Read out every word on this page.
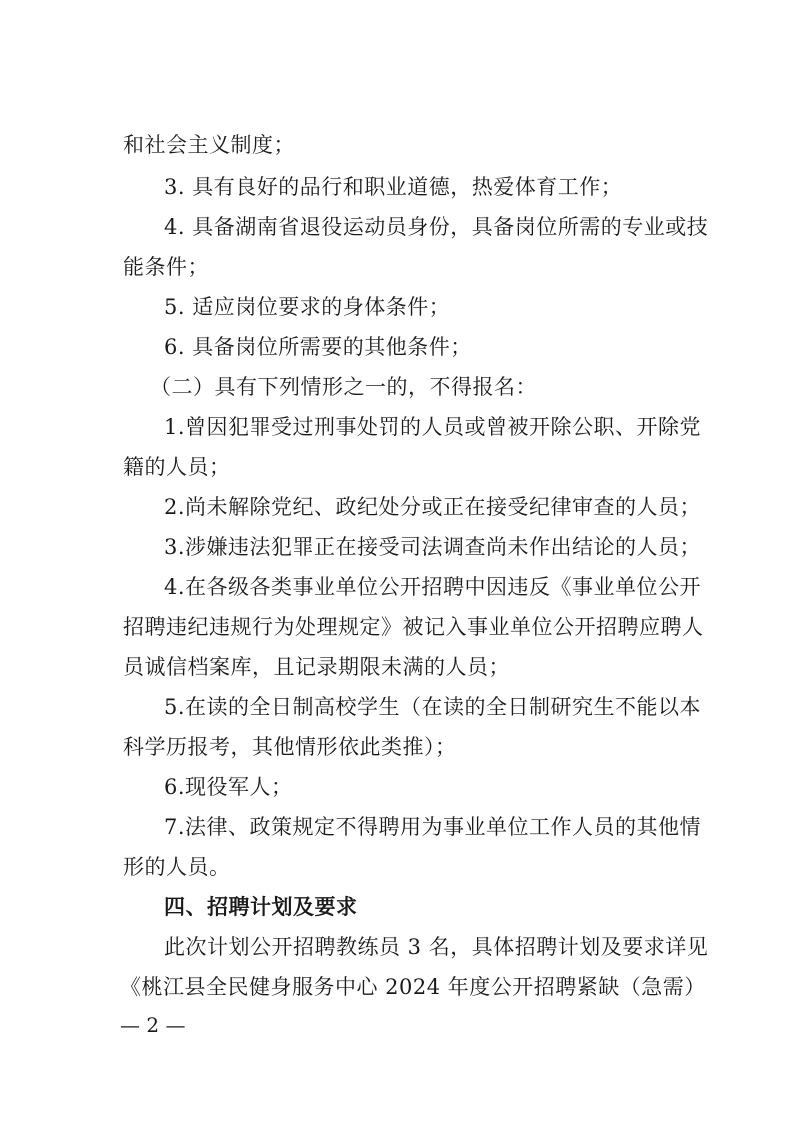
和社会主义制度；
3. 具有良好的品行和职业道德，热爱体育工作；
4. 具备湖南省退役运动员身份，具备岗位所需的专业或技
能条件；
5. 适应岗位要求的身体条件；
6. 具备岗位所需要的其他条件；
（二）具有下列情形之一的，不得报名：
1.曾因犯罪受过刑事处罚的人员或曾被开除公职、开除党
籍的人员；
2.尚未解除党纪、政纪处分或正在接受纪律审查的人员；
3.涉嫌违法犯罪正在接受司法调查尚未作出结论的人员；
4.在各级各类事业单位公开招聘中因违反《事业单位公开
招聘违纪违规行为处理规定》被记入事业单位公开招聘应聘人
员诚信档案库，且记录期限未满的人员；
5.在读的全日制高校学生（在读的全日制研究生不能以本
科学历报考，其他情形依此类推）；
6.现役军人；
7.法律、政策规定不得聘用为事业单位工作人员的其他情
形的人员。
四、招聘计划及要求
此次计划公开招聘教练员 3 名，具体招聘计划及要求详见
《桃江县全民健身服务中心 2024 年度公开招聘紧缺（急需）
— 2 —
